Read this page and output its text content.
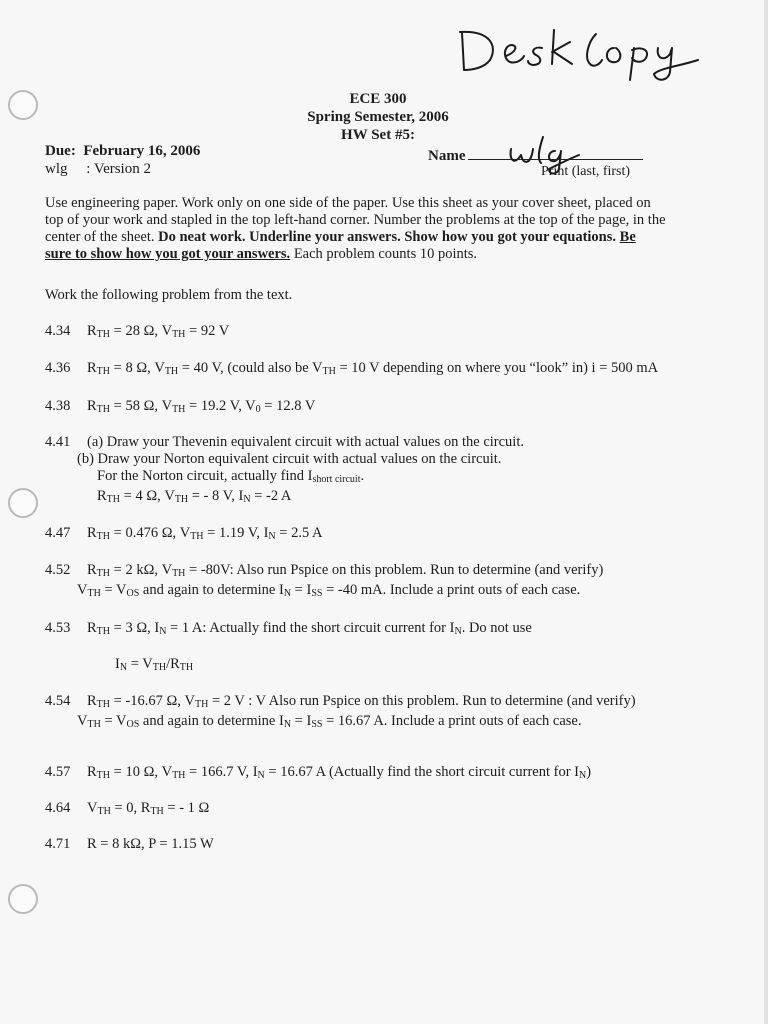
ECE 300
Spring Semester, 2006
HW Set #5:
Due: February 16, 2006
wlg : Version 2
Name
Print (last, first)
Use engineering paper. Work only on one side of the paper. Use this sheet as your cover sheet, placed on
top of your work and stapled in the top left-hand corner. Number the problems at the top of the page, in the
center of the sheet. Do neat work. Underline your answers. Show how you got your equations. Be
sure to show how you got your answers. Each problem counts 10 points.
Work the following problem from the text.
4.34 $R_{TH} = 28$ Ω, $V_{TH} = 92$ V
4.36 $R_{TH} = 8$ Ω, $V_{TH} = 40$ V, (could also be $V_{TH} = 10$ V depending on where you “look” in) i = 500 mA
4.38 $R_{TH} = 58$ Ω, $V_{TH} = 19.2$ V, $V_0 = 12.8$ V
4.41 (a) Draw your Thevenin equivalent circuit with actual values on the circuit.
(b) Draw your Norton equivalent circuit with actual values on the circuit.
For the Norton circuit, actually find $I_{short circuit}$.
$R_{TH} = 4$ Ω, $V_{TH}$ = - 8 V, $I_N = -2$ A
4.47 $R_{TH} = 0.476$ Ω, $V_{TH} = 1.19$ V, $I_N = 2.5$ A
4.52 $R_{TH} = 2$ kΩ, $V_{TH} = -80V$: Also run Pspice on this problem. Run to determine (and verify)
$V_{TH} = V_{OS}$ and again to determine $I_N = I_{SS} = -40$ mA. Include a print outs of each case.
4.53 $R_{TH} = 3$ Ω, $I_N = 1$ A: Actually find the short circuit current for $I_N$. Do not use
$I_N = V_{TH}/R_{TH}$
4.54 $R_{TH} = -16.67$ Ω, $V_{TH} = 2$ V : V Also run Pspice on this problem. Run to determine (and verify)
$V_{TH} = V_{OS}$ and again to determine $I_N = I_{SS} = 16.67$ A. Include a print outs of each case.
4.57 $R_{TH} = 10$ Ω, $V_{TH} = 166.7$ V, $I_N = 16.67$ A (Actually find the short circuit current for $I_N$)
4.64 $V_{TH} = 0$, $R_{TH}$ = - 1 Ω
4.71 R = 8 kΩ, P = 1.15 W
